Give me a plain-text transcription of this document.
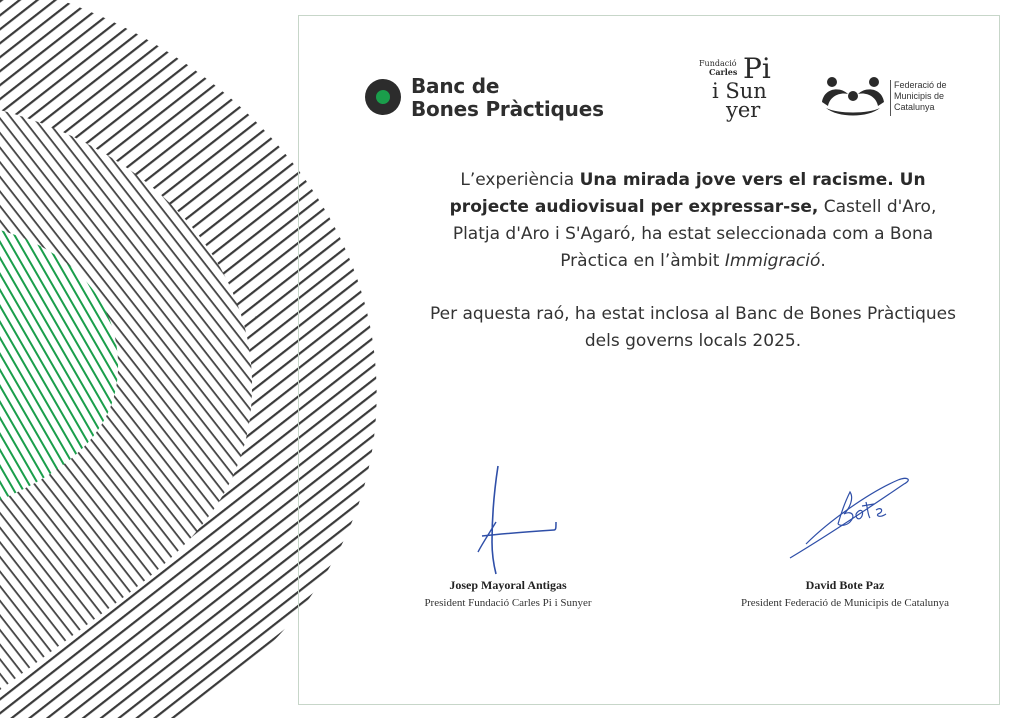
Banc de
Bones Pràctiques
Fundació
Carles Pi
i Sun
yer
Federació de
Municipis de
Catalunya

L’experiència Una mirada jove vers el racisme. Un projecte audiovisual per expressar-se, Castell d'Aro, Platja d'Aro i S'Agaró, ha estat seleccionada com a Bona Pràctica en l’àmbit Immigració.

Per aquesta raó, ha estat inclosa al Banc de Bones Pràctiques dels governs locals 2025.

Josep Mayoral Antigas
President Fundació Carles Pi i Sunyer
David Bote Paz
President Federació de Municipis de Catalunya
